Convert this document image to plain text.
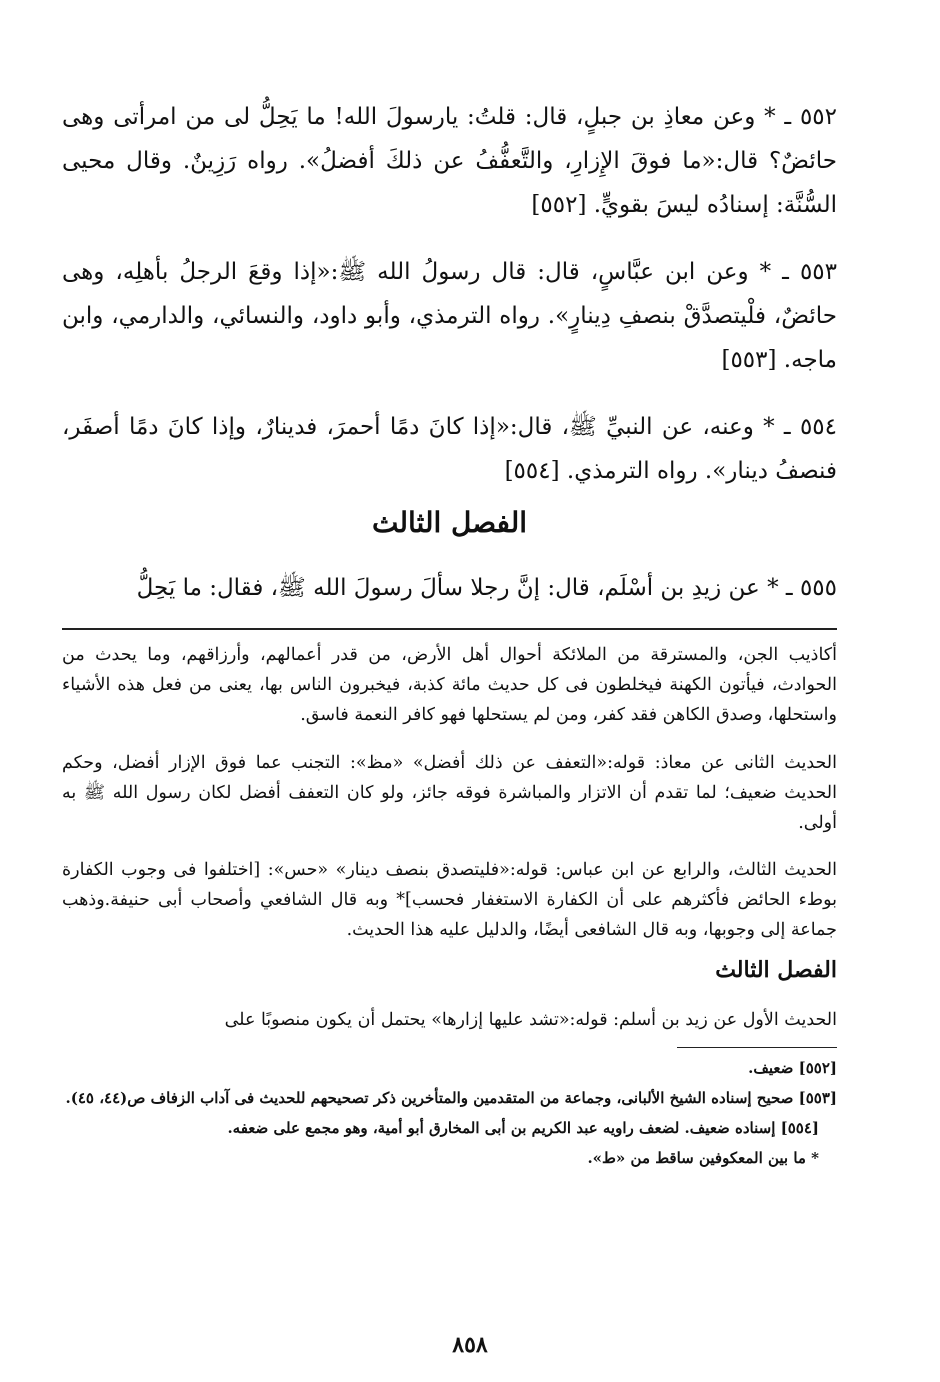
٥٥٢ ـ * وعن معاذِ بن جبلٍ، قال: قلتُ: يارسولَ الله! ما يَحِلُّ لى من امرأتى وهى حائضٌ؟ قال:«ما فوقَ الإِزارِ، والتَّعفُّفُ عن ذلكَ أفضلُ». رواه رَزِينٌ. وقال محيى السُّنَّة: إسنادُه ليسَ بقويٍّ. [٥٥٢]

٥٥٣ ـ * وعن ابن عبَّاسٍ، قال: قال رسولُ الله ﷺ:«إذا وقعَ الرجلُ بأهلِه، وهى حائضٌ، فلْيتصدَّقْ بنصفِ دِينارٍ». رواه الترمذي، وأبو داود، والنسائي، والدارمي، وابن ماجه. [٥٥٣]

٥٥٤ ـ * وعنه، عن النبيِّ ﷺ، قال:«إذا كانَ دمًا أحمرَ، فدينارٌ، وإذا كانَ دمًا أصفَر، فنصفُ دينار». رواه الترمذي. [٥٥٤]

الفصل الثالث

٥٥٥ ـ * عن زيدِ بن أسْلَم، قال: إنَّ رجلا سألَ رسولَ الله ﷺ، فقال: ما يَحِلُّ

أكاذيب الجن، والمسترقة من الملائكة أحوال أهل الأرض، من قدر أعمالهم، وأرزاقهم، وما يحدث من الحوادث، فيأتون الكهنة فيخلطون فى كل حديث مائة كذبة، فيخبرون الناس بها، يعنى من فعل هذه الأشياء واستحلها، وصدق الكاهن فقد كفر، ومن لم يستحلها فهو كافر النعمة فاسق.

الحديث الثانى عن معاذ: قوله:«التعفف عن ذلك أفضل» «مظ»: التجنب عما فوق الإزار أفضل، وحكم الحديث ضعيف؛ لما تقدم أن الاتزار والمباشرة فوقه جائز، ولو كان التعفف أفضل لكان رسول الله ﷺ به أولى.

الحديث الثالث، والرابع عن ابن عباس: قوله:«فليتصدق بنصف دينار» «حس»: [اختلفوا فى وجوب الكفارة بوطء الحائض فأكثرهم على أن الكفارة الاستغفار فحسب]* وبه قال الشافعي وأصحاب أبى حنيفة.وذهب جماعة إلى وجوبها، وبه قال الشافعى أيضًا، والدليل عليه هذا الحديث.

الفصل الثالث

الحديث الأول عن زيد بن أسلم: قوله:«تشد عليها إزارها» يحتمل أن يكون منصوبًا على

[٥٥٢] ضعيف.
[٥٥٣] صحيح إسناده الشيخ الألبانى، وجماعة من المتقدمين والمتأخرين ذكر تصحيحهم للحديث فى آداب الزفاف ص(٤٤، ٤٥).
[٥٥٤] إسناده ضعيف. لضعف راويه عبد الكريم بن أبى المخارق أبو أمية، وهو مجمع على ضعفه.
* ما بين المعكوفين ساقط من «ط».
٨٥٨
